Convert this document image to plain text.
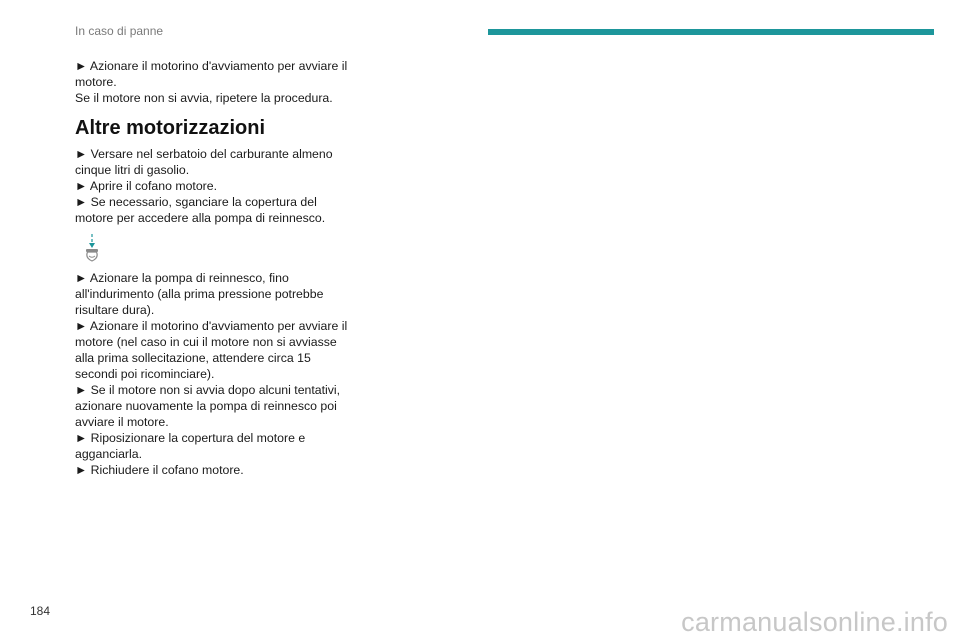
In caso di panne

► Azionare il motorino d'avviamento per avviare il motore.

Se il motore non si avvia, ripetere la procedura.

Altre motorizzazioni

► Versare nel serbatoio del carburante almeno cinque litri di gasolio.

► Aprire il cofano motore.

► Se necessario, sganciare la copertura del motore per accedere alla pompa di reinnesco.

► Azionare la pompa di reinnesco, fino all'indurimento (alla prima pressione potrebbe risultare dura).

► Azionare il motorino d'avviamento per avviare il motore (nel caso in cui il motore non si avviasse alla prima sollecitazione, attendere circa 15 secondi poi ricominciare).

► Se il motore non si avvia dopo alcuni tentativi, azionare nuovamente la pompa di reinnesco poi avviare il motore.

► Riposizionare la copertura del motore e agganciarla.

► Richiudere il cofano motore.

184	carmanualsonline.info
